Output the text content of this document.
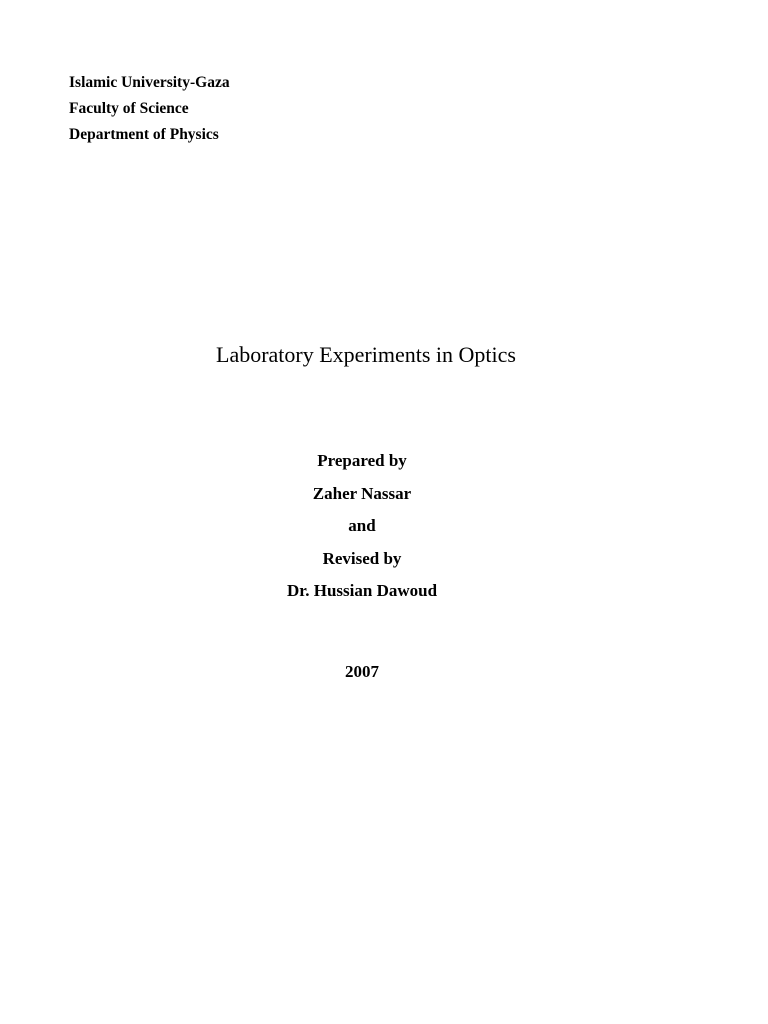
Islamic University-Gaza
Faculty of Science
Department of Physics
Laboratory Experiments in Optics
Prepared by
Zaher Nassar
and
Revised by
Dr. Hussian Dawoud
2007
